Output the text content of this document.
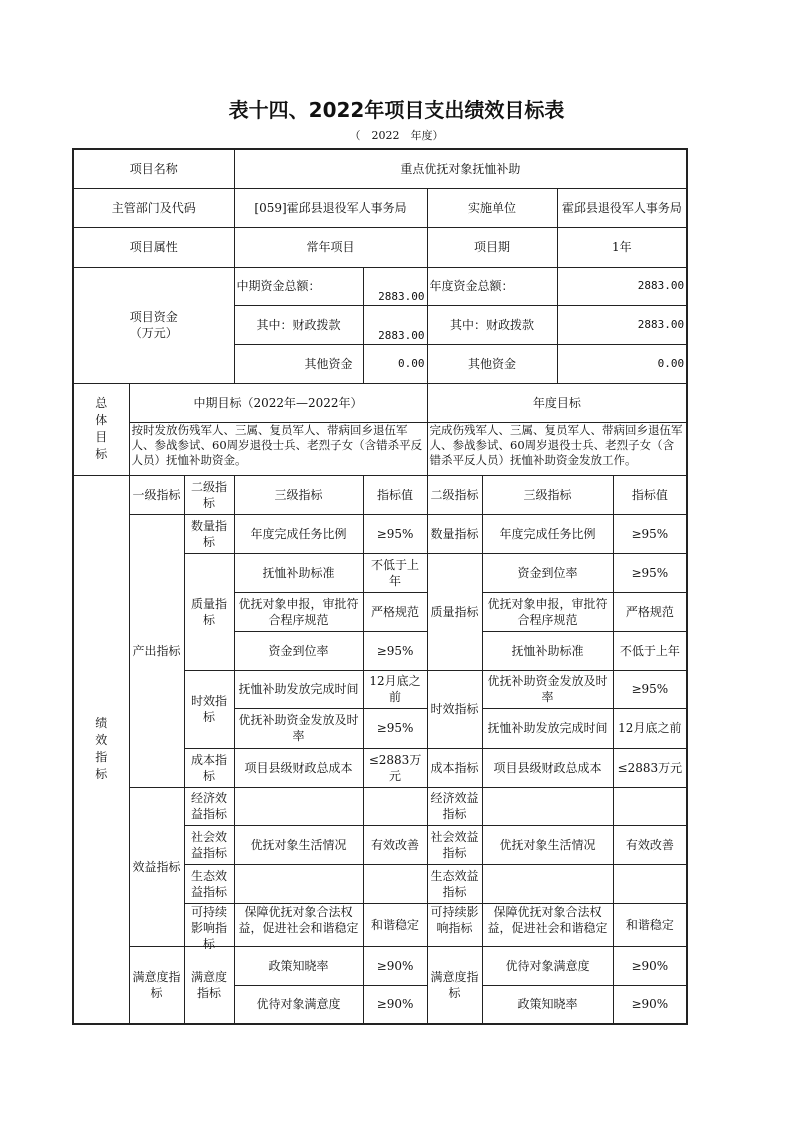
表十四、2022年项目支出绩效目标表
（　2022　年度）
项目名称			重点优抚对象抚恤补助					
主管部门及代码			[059]霍邱县退役军人事务局		实施单位		霍邱县退役军人事务局	
项目属性			常年项目		项目期		1年	

项目资金（万元）			中期资金总额：	2883.00	年度资金总额：		2883.00	
			其中：财政拨款	2883.00	其中：财政拨款		2883.00	
			其他资金	0.00	其他资金		0.00	

总体目标	中期目标（2022年—2022年）				年度目标			
	按时发放伤残军人、三属、复员军人、带病回乡退伍军人、参战参试、60周岁退役士兵、老烈子女（含错杀平反人员）抚恤补助资金。				完成伤残军人、三属、复员军人、带病回乡退伍军人、参战参试、60周岁退役士兵、老烈子女（含错杀平反人员）抚恤补助资金发放工作。			

绩效指标	一级指标	二级指标	三级指标	指标值	二级指标	三级指标		指标值
	产出指标	数量指标	年度完成任务比例	≥95%	数量指标	年度完成任务比例		≥95%
		质量指标	抚恤补助标准	不低于上年	质量指标	资金到位率		≥95%
			优抚对象申报，审批符合程序规范	严格规范		优抚对象申报，审批符合程序规范		严格规范
			资金到位率	≥95%		抚恤补助标准		不低于上年
		时效指标	抚恤补助发放完成时间	12月底之前	时效指标	优抚补助资金发放及时率		≥95%
			优抚补助资金发放及时率	≥95%		抚恤补助发放完成时间		12月底之前
		成本指标	项目县级财政总成本	≤2883万元	成本指标	项目县级财政总成本		≤2883万元
	效益指标	经济效益指标			经济效益指标			
		社会效益指标	优抚对象生活情况	有效改善	社会效益指标	优抚对象生活情况		有效改善
		生态效益指标			生态效益指标			

		可持续影响指标	保障优抚对象合法权益，促进社会和谐稳定	和谐稳定	可持续影响指标	保障优抚对象合法权益，促进社会和谐稳定		和谐稳定
	满意度指标	满意度指标	政策知晓率	≥90%	满意度指标	优待对象满意度		≥90%
			优待对象满意度	≥90%		政策知晓率		≥90%
